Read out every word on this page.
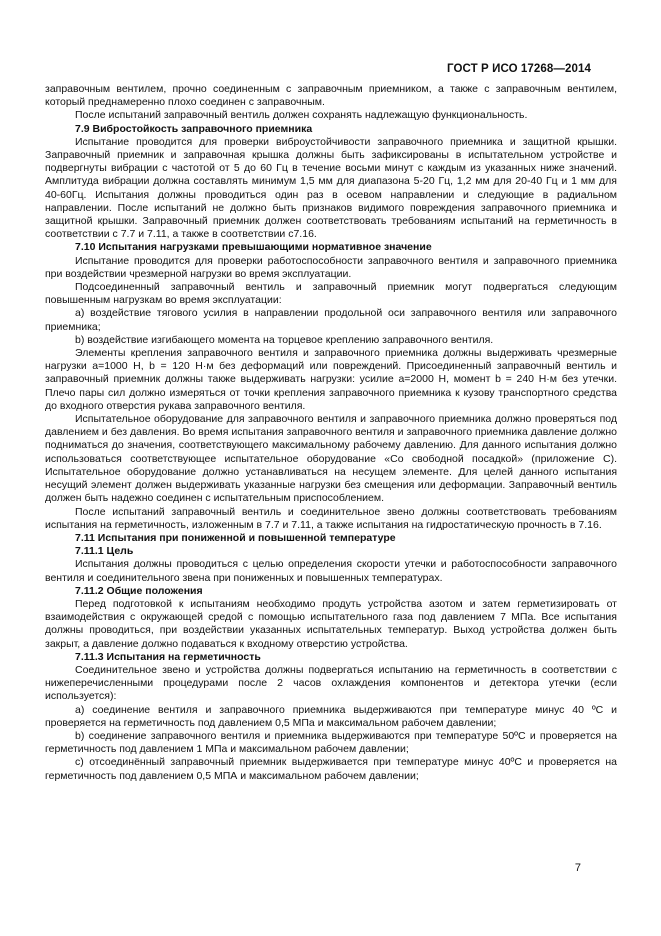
ГОСТ Р ИСО 17268—2014

заправочным вентилем, прочно соединенным с заправочным приемником, а также с заправочным вентилем, который преднамеренно плохо соединен с заправочным.

После испытаний заправочный вентиль должен сохранять надлежащую функциональность.

7.9 Вибростойкость заправочного приемника

Испытание проводится для проверки виброустойчивости заправочного приемника и защитной крышки. Заправочный приемник и заправочная крышка должны быть зафиксированы в испытательном устройстве и подвергнуты вибрации с частотой от 5 до 60 Гц в течение восьми минут с каждым из указанных ниже значений. Амплитуда вибрации должна составлять минимум 1,5 мм для диапазона 5-20 Гц, 1,2 мм для 20-40 Гц и 1 мм для 40-60Гц. Испытания должны проводиться один раз в осевом направлении и следующие в радиальном направлении. После испытаний не должно быть признаков видимого повреждения заправочного приемника и защитной крышки. Заправочный приемник должен соответствовать требованиям испытаний на герметичность в соответствии с 7.7 и 7.11, а также в соответствии с7.16.

7.10 Испытания нагрузками превышающими нормативное значение

Испытание проводится для проверки работоспособности заправочного вентиля и заправочного приемника при воздействии чрезмерной нагрузки во время эксплуатации.

Подсоединенный заправочный вентиль и заправочный приемник могут подвергаться следующим повышенным нагрузкам во время эксплуатации:

a) воздействие тягового усилия в направлении продольной оси заправочного вентиля или заправочного приемника;

b) воздействие изгибающего момента на торцевое креплению заправочного вентиля.

Элементы крепления заправочного вентиля и заправочного приемника должны выдерживать чрезмерные нагрузки a=1000 Н, b = 120 Н·м без деформаций или повреждений. Присоединенный заправочный вентиль и заправочный приемник должны также выдерживать нагрузки: усилие a=2000 Н, момент b = 240 Н·м без утечки. Плечо пары сил должно измеряться от точки крепления заправочного приемника к кузову транспортного средства до входного отверстия рукава заправочного вентиля.

Испытательное оборудование для заправочного вентиля и заправочного приемника должно проверяться под давлением и без давления. Во время испытания заправочного вентиля и заправочного приемника давление должно подниматься до значения, соответствующего максимальному рабочему давлению. Для данного испытания должно использоваться соответствующее испытательное оборудование «Со свободной посадкой» (приложение С). Испытательное оборудование должно устанавливаться на несущем элементе. Для целей данного испытания несущий элемент должен выдерживать указанные нагрузки без смещения или деформации. Заправочный вентиль должен быть надежно соединен с испытательным приспособлением.

После испытаний заправочный вентиль и соединительное звено должны соответствовать требованиям испытания на герметичность, изложенным в 7.7 и 7.11, а также испытания на гидростатическую прочность в 7.16.

7.11 Испытания при пониженной и повышенной температуре

7.11.1 Цель

Испытания должны проводиться с целью определения скорости утечки и работоспособности заправочного вентиля и соединительного звена при пониженных и повышенных температурах.

7.11.2 Общие положения

Перед подготовкой к испытаниям необходимо продуть устройства азотом и затем герметизировать от взаимодействия с окружающей средой с помощью испытательного газа под давлением 7 МПа. Все испытания должны проводиться, при воздействии указанных испытательных температур. Выход устройства должен быть закрыт, а давление должно подаваться к входному отверстию устройства.

7.11.3 Испытания на герметичность

Соединительное звено и устройства должны подвергаться испытанию на герметичность в соответствии с нижеперечисленными процедурами после 2 часов охлаждения компонентов и детектора утечки (если используется):

a) соединение вентиля и заправочного приемника выдерживаются при температуре минус 40 ºС и проверяется на герметичность под давлением 0,5 МПа и максимальном рабочем давлении;

b) соединение заправочного вентиля и приемника выдерживаются при температуре 50ºС и проверяется на герметичность под давлением 1 МПа и максимальном рабочем давлении;

c) отсоединённый заправочный приемник выдерживается при температуре минус 40ºС и проверяется на герметичность под давлением 0,5 МПА и максимальном рабочем давлении;

7
